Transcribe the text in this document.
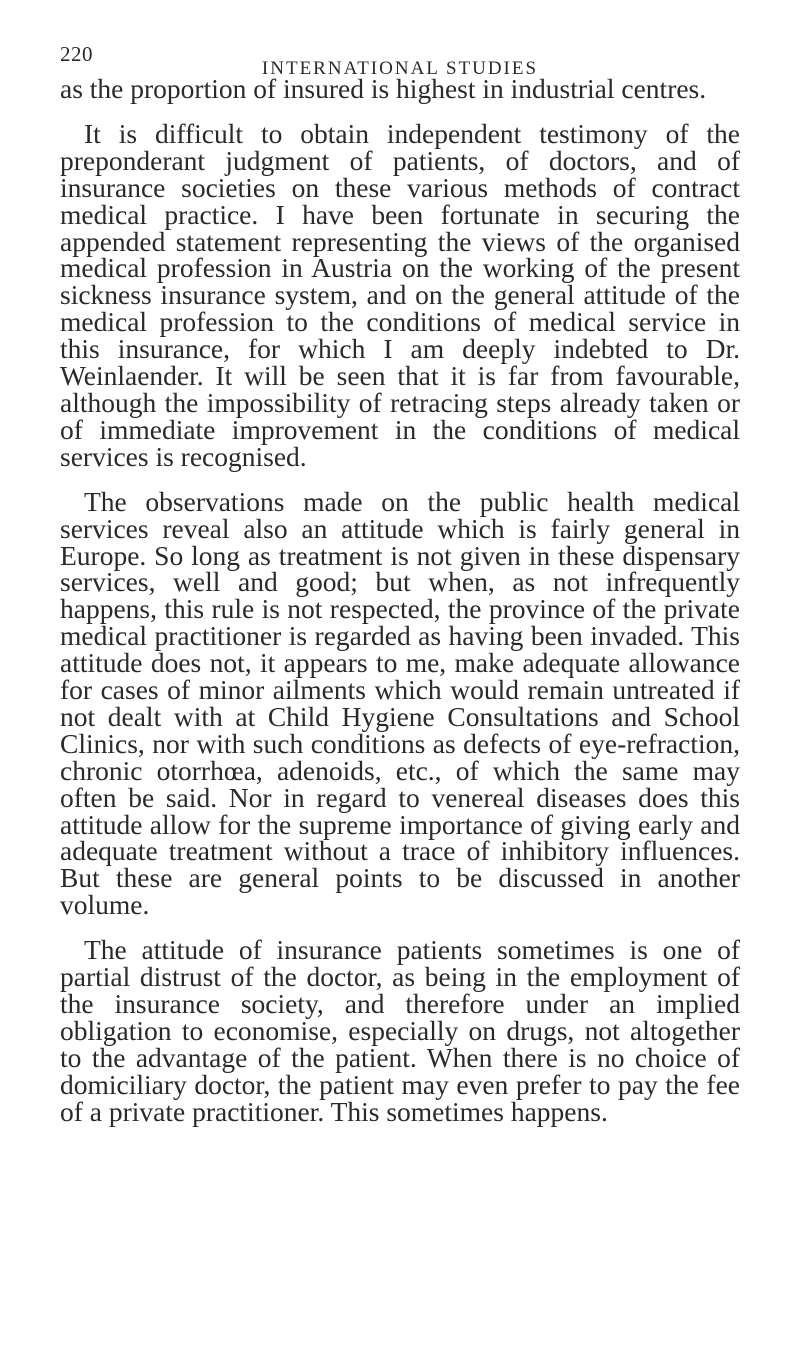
220
INTERNATIONAL STUDIES

as the proportion of insured is highest in industrial centres.

It is difficult to obtain independent testimony of the preponderant judgment of patients, of doctors, and of insurance societies on these various methods of contract medical practice. I have been fortunate in securing the appended statement representing the views of the organised medical profession in Austria on the working of the present sickness insurance system, and on the general attitude of the medical profession to the conditions of medical service in this insurance, for which I am deeply indebted to Dr. Weinlaender. It will be seen that it is far from favourable, although the impossibility of retracing steps already taken or of immediate improvement in the conditions of medical services is recognised.

The observations made on the public health medical services reveal also an attitude which is fairly general in Europe. So long as treatment is not given in these dispensary services, well and good; but when, as not infrequently happens, this rule is not respected, the province of the private medical practitioner is regarded as having been invaded. This attitude does not, it appears to me, make adequate allowance for cases of minor ailments which would remain untreated if not dealt with at Child Hygiene Consultations and School Clinics, nor with such conditions as defects of eye-refraction, chronic otorrhœa, adenoids, etc., of which the same may often be said. Nor in regard to venereal diseases does this attitude allow for the supreme importance of giving early and adequate treatment without a trace of inhibitory influences. But these are general points to be discussed in another volume.

The attitude of insurance patients sometimes is one of partial distrust of the doctor, as being in the employment of the insurance society, and therefore under an implied obligation to economise, especially on drugs, not altogether to the advantage of the patient. When there is no choice of domiciliary doctor, the patient may even prefer to pay the fee of a private practitioner. This sometimes happens.
